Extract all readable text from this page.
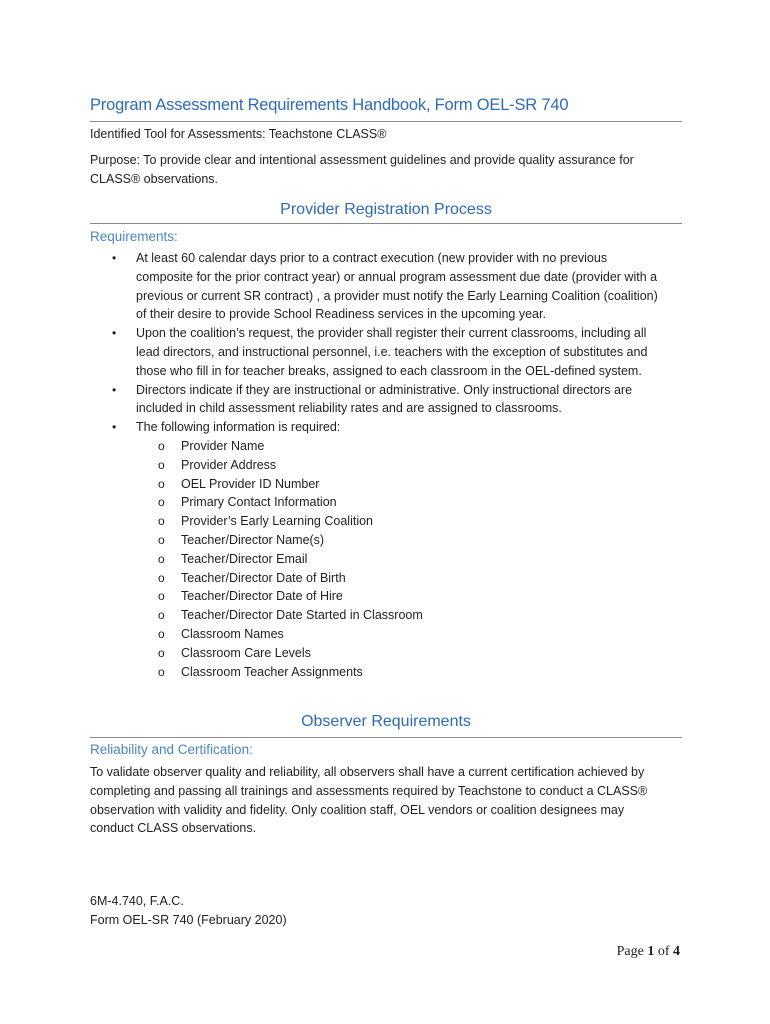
Program Assessment Requirements Handbook, Form OEL-SR 740
Identified Tool for Assessments: Teachstone CLASS®
Purpose: To provide clear and intentional assessment guidelines and provide quality assurance for
CLASS® observations.
Provider Registration Process
Requirements:
• At least 60 calendar days prior to a contract execution (new provider with no previous
composite for the prior contract year) or annual program assessment due date (provider with a
previous or current SR contract) , a provider must notify the Early Learning Coalition (coalition)
of their desire to provide School Readiness services in the upcoming year.
• Upon the coalition’s request, the provider shall register their current classrooms, including all
lead directors, and instructional personnel, i.e. teachers with the exception of substitutes and
those who fill in for teacher breaks, assigned to each classroom in the OEL-defined system.
• Directors indicate if they are instructional or administrative. Only instructional directors are
included in child assessment reliability rates and are assigned to classrooms.
• The following information is required:
o Provider Name
o Provider Address
o OEL Provider ID Number
o Primary Contact Information
o Provider’s Early Learning Coalition
o Teacher/Director Name(s)
o Teacher/Director Email
o Teacher/Director Date of Birth
o Teacher/Director Date of Hire
o Teacher/Director Date Started in Classroom
o Classroom Names
o Classroom Care Levels
o Classroom Teacher Assignments
Observer Requirements
Reliability and Certification:
To validate observer quality and reliability, all observers shall have a current certification achieved by
completing and passing all trainings and assessments required by Teachstone to conduct a CLASS®
observation with validity and fidelity. Only coalition staff, OEL vendors or coalition designees may
conduct CLASS observations.
6M-4.740, F.A.C.
Form OEL-SR 740 (February 2020)
Page 1 of 4
